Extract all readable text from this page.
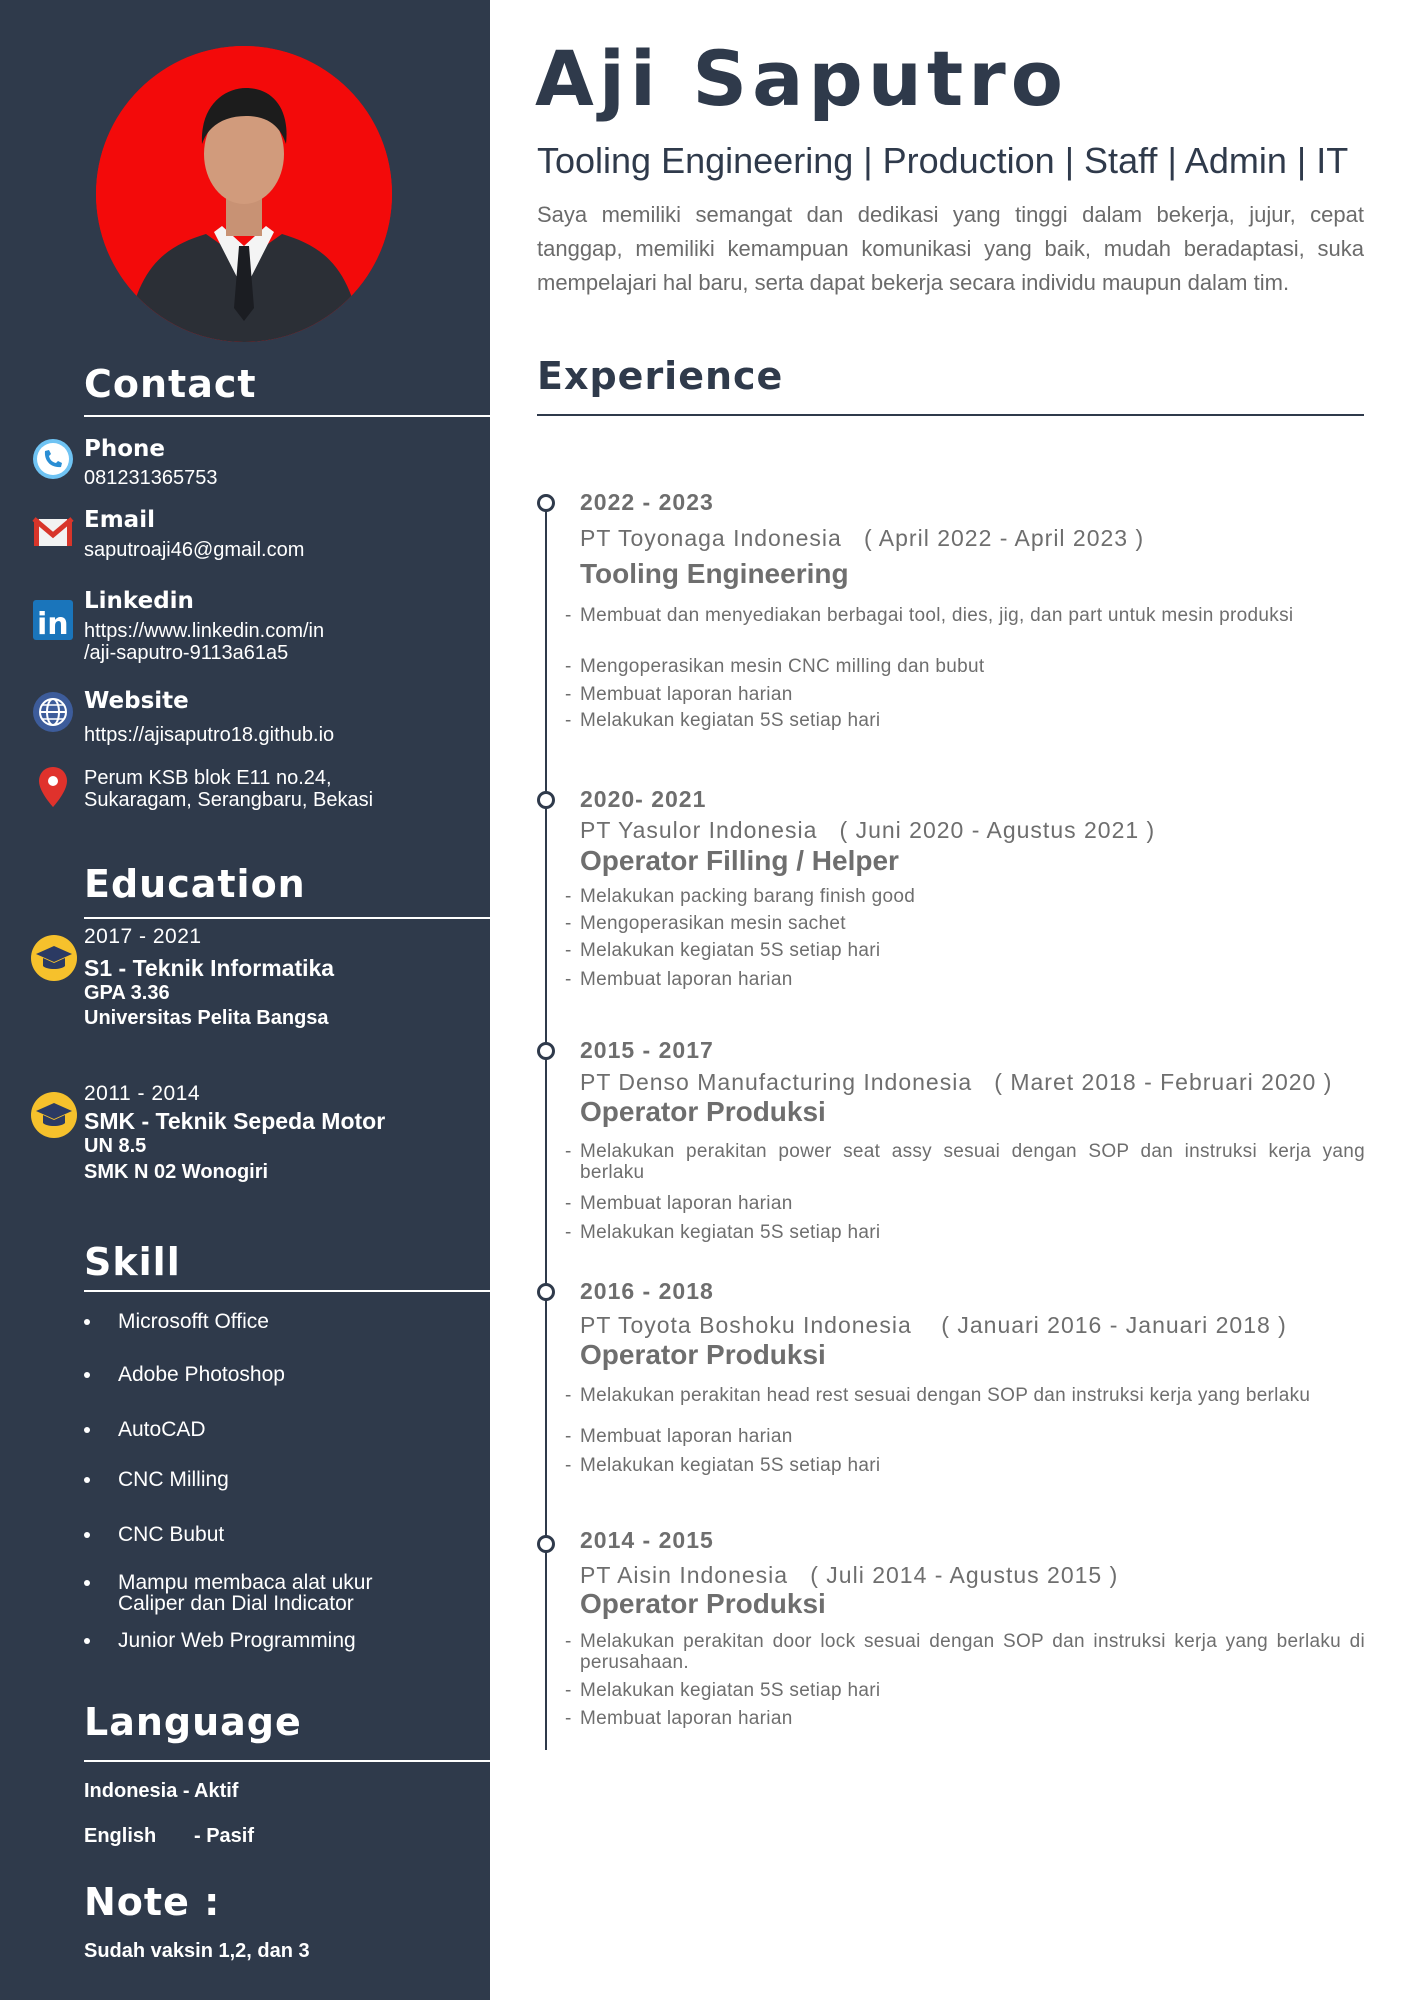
Contact
Phone
081231365753
Email
saputroaji46@gmail.com
in
Linkedin
https://www.linkedin.com/in
/aji-saputro-9113a61a5
Website
https://ajisaputro18.github.io
Perum KSB blok E11 no.24,
Sukaragam, Serangbaru, Bekasi
Education
2017 - 2021
S1 - Teknik Informatika
GPA 3.36
Universitas Pelita Bangsa
2011 - 2014
SMK - Teknik Sepeda Motor
UN 8.5
SMK N 02 Wonogiri
Skill
Microsofft Office
Adobe Photoshop
AutoCAD
CNC Milling
CNC Bubut
Mampu membaca alat ukur
Caliper dan Dial Indicator
Junior Web Programming
Language
Indonesia - Aktif
English - Pasif
Note :
Sudah vaksin 1,2, dan 3
Aji Saputro
Tooling Engineering | Production | Staff | Admin | IT
Saya memiliki semangat dan dedikasi yang tinggi dalam bekerja, jujur, cepat tanggap, memiliki kemampuan komunikasi yang baik, mudah beradaptasi, suka mempelajari hal baru, serta dapat bekerja secara individu maupun dalam tim.
Experience
2022 - 2023
PT Toyonaga Indonesia   ( April 2022 - April 2023 )
Tooling Engineering
- Membuat dan menyediakan berbagai tool, dies, jig, dan part untuk mesin produksi
- Mengoperasikan mesin CNC milling dan bubut
- Membuat laporan harian
- Melakukan kegiatan 5S setiap hari
2020- 2021
PT Yasulor Indonesia   ( Juni 2020 - Agustus 2021 )
Operator Filling / Helper
- Melakukan packing barang finish good
- Mengoperasikan mesin sachet
- Melakukan kegiatan 5S setiap hari
- Membuat laporan harian
2015 - 2017
PT Denso Manufacturing Indonesia   ( Maret 2018 - Februari 2020 )
Operator Produksi
- Melakukan perakitan power seat assy sesuai dengan SOP dan instruksi kerja yang berlaku
- Membuat laporan harian
- Melakukan kegiatan 5S setiap hari
2016 - 2018
PT Toyota Boshoku Indonesia    ( Januari 2016 - Januari 2018 )
Operator Produksi
- Melakukan perakitan head rest sesuai dengan SOP dan instruksi kerja yang berlaku
- Membuat laporan harian
- Melakukan kegiatan 5S setiap hari
2014 - 2015
PT Aisin Indonesia   ( Juli 2014 - Agustus 2015 )
Operator Produksi
- Melakukan perakitan door lock sesuai dengan SOP dan instruksi kerja yang berlaku di perusahaan.
- Melakukan kegiatan 5S setiap hari
- Membuat laporan harian
